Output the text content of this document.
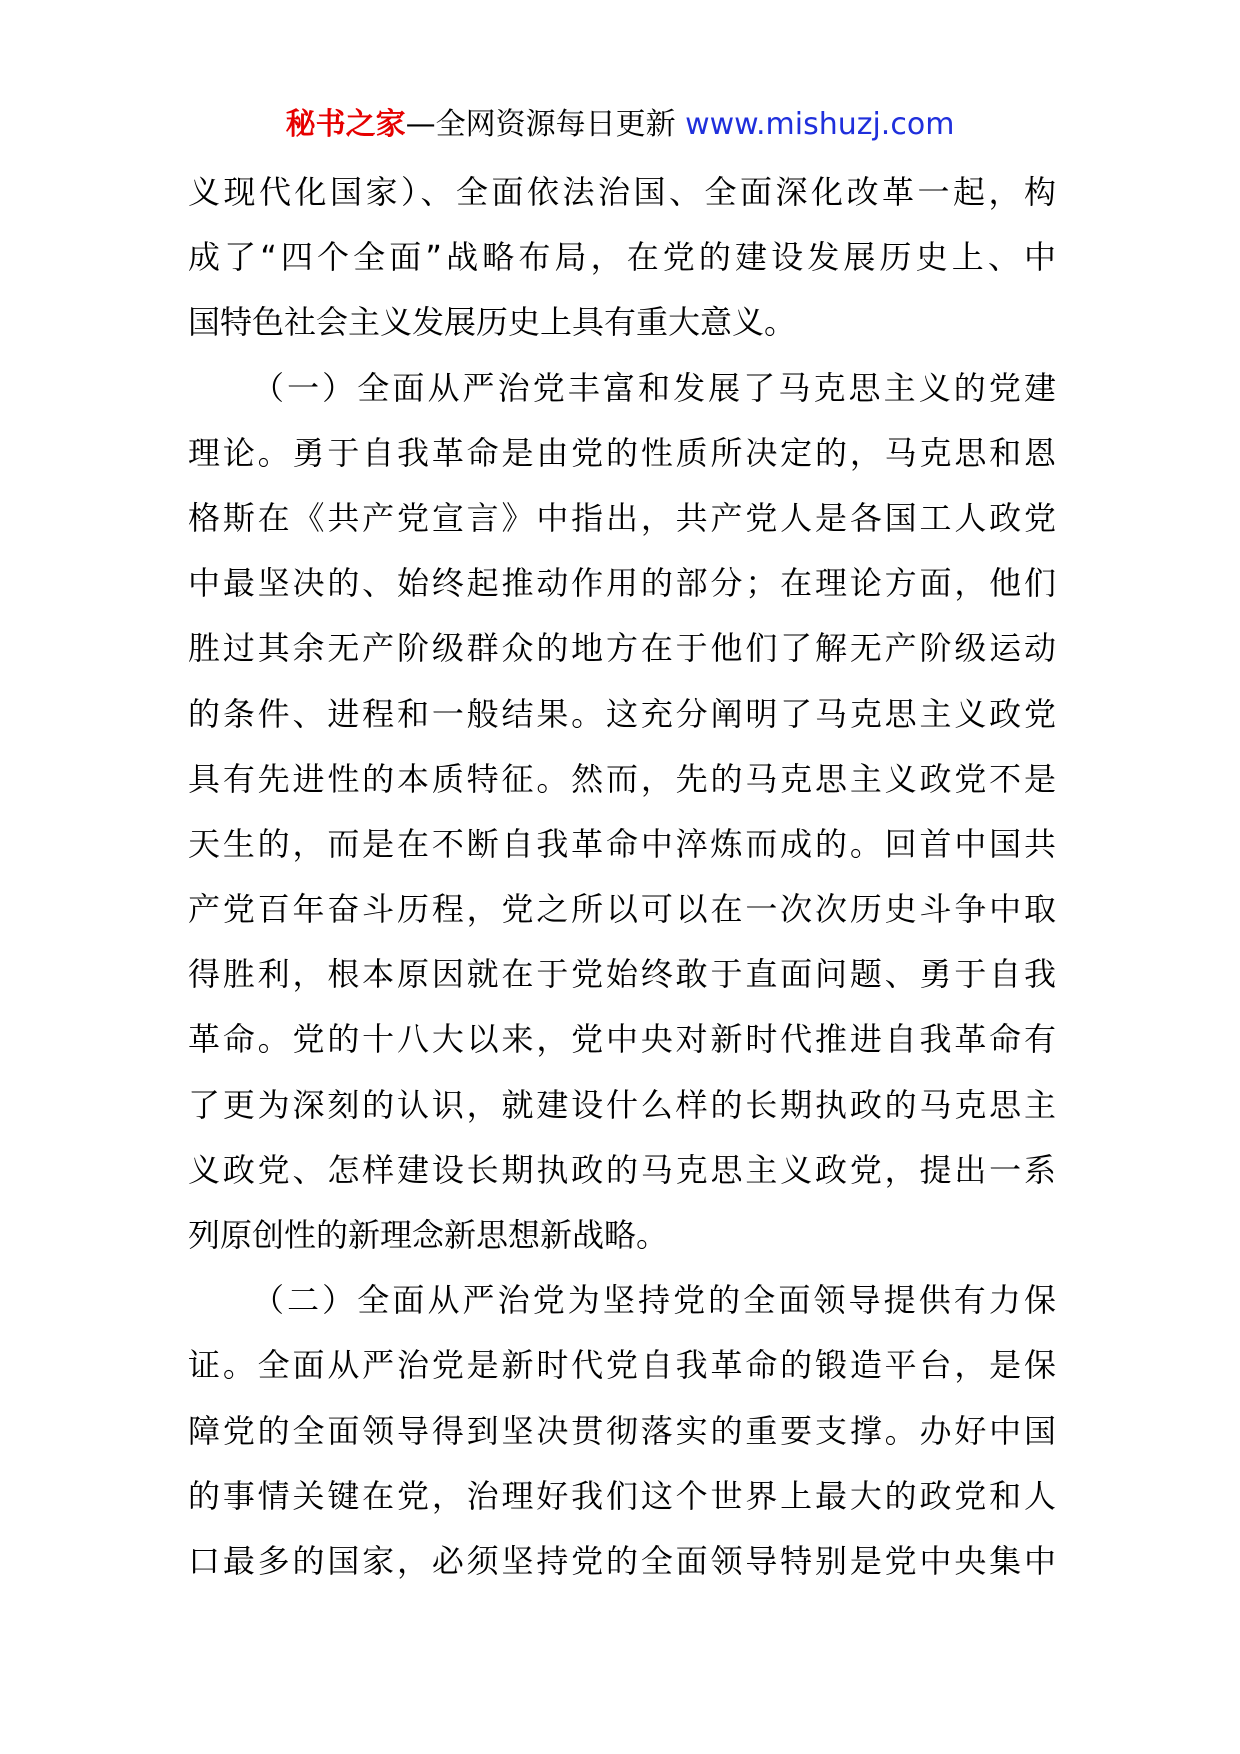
秘书之家—全网资源每日更新 www.mishuzj.com
义现代化国家）、全面依法治国、全面深化改革一起，构
成了“四个全面”战略布局，在党的建设发展历史上、中
国特色社会主义发展历史上具有重大意义。
（一）全面从严治党丰富和发展了马克思主义的党建
理论。勇于自我革命是由党的性质所决定的，马克思和恩
格斯在《共产党宣言》中指出，共产党人是各国工人政党
中最坚决的、始终起推动作用的部分；在理论方面，他们
胜过其余无产阶级群众的地方在于他们了解无产阶级运动
的条件、进程和一般结果。这充分阐明了马克思主义政党
具有先进性的本质特征。然而，先的马克思主义政党不是
天生的，而是在不断自我革命中淬炼而成的。回首中国共
产党百年奋斗历程，党之所以可以在一次次历史斗争中取
得胜利，根本原因就在于党始终敢于直面问题、勇于自我
革命。党的十八大以来，党中央对新时代推进自我革命有
了更为深刻的认识，就建设什么样的长期执政的马克思主
义政党、怎样建设长期执政的马克思主义政党，提出一系
列原创性的新理念新思想新战略。
（二）全面从严治党为坚持党的全面领导提供有力保
证。全面从严治党是新时代党自我革命的锻造平台，是保
障党的全面领导得到坚决贯彻落实的重要支撑。办好中国
的事情关键在党，治理好我们这个世界上最大的政党和人
口最多的国家，必须坚持党的全面领导特别是党中央集中
